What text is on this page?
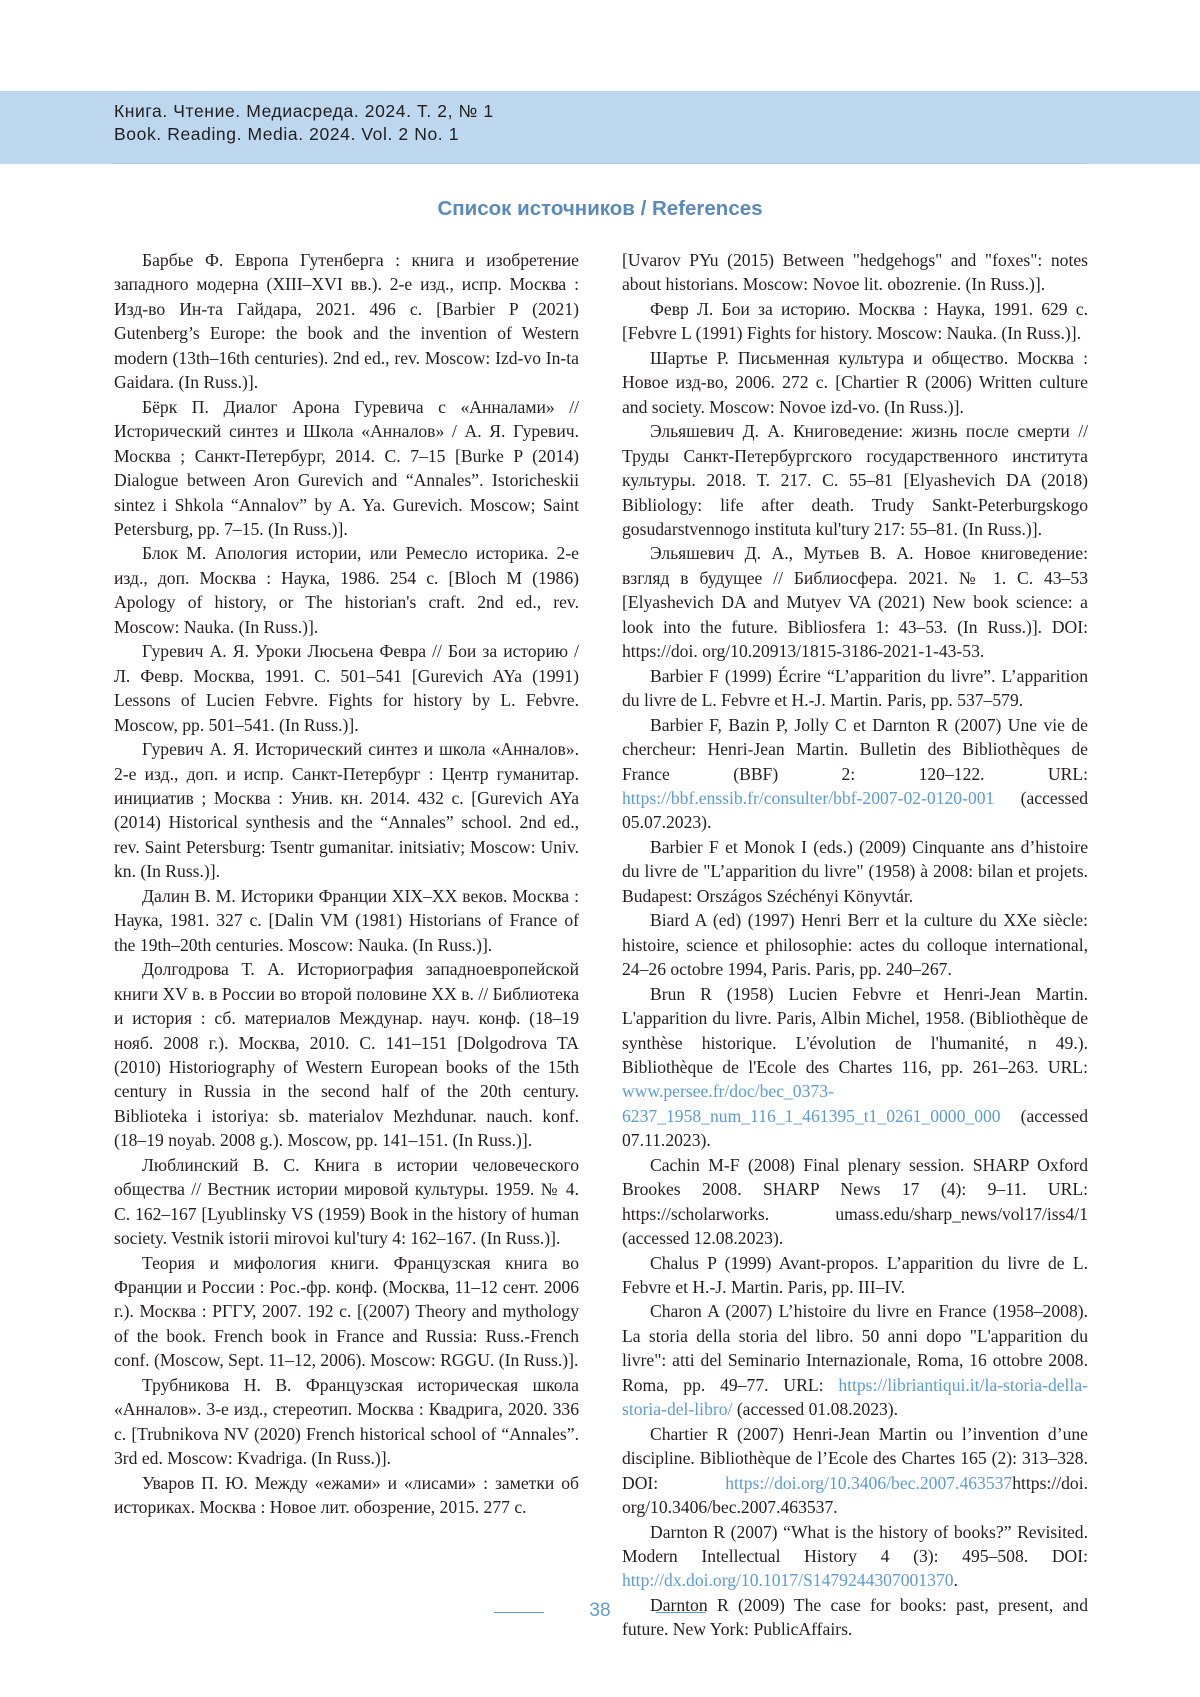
Книга. Чтение. Медиасреда. 2024. Т. 2, № 1
Book. Reading. Media. 2024. Vol. 2 No. 1
Список источников / References

Барбье Ф. Европа Гутенберга : книга и изобретение западного модерна (XIII–XVI вв.). 2-е изд., испр. Москва : Изд-во Ин-та Гайдара, 2021. 496 с. [Barbier P (2021) Gutenberg’s Europe: the book and the invention of Western modern (13th–16th centuries). 2nd ed., rev. Moscow: Izd-vo In-ta Gaidara. (In Russ.)].

Бёрк П. Диалог Арона Гуревича с «Анналами» // Исторический синтез и Школа «Анналов» / А. Я. Гуревич. Москва ; Санкт-Петербург, 2014. С. 7–15 [Burke P (2014) Dialogue between Aron Gurevich and “Annales”. Istoricheskii sintez i Shkola “Annalov” by A. Ya. Gurevich. Moscow; Saint Petersburg, pp. 7–15. (In Russ.)].

Блок М. Апология истории, или Ремесло историка. 2-е изд., доп. Москва : Наука, 1986. 254 с. [Bloch M (1986) Apology of history, or The historian's craft. 2nd ed., rev. Moscow: Nauka. (In Russ.)].

Гуревич А. Я. Уроки Люсьена Февра // Бои за историю / Л. Февр. Москва, 1991. С. 501–541 [Gurevich AYa (1991) Lessons of Lucien Febvre. Fights for history by L. Febvre. Moscow, pp. 501–541. (In Russ.)].

Гуревич А. Я. Исторический синтез и школа «Анналов». 2-е изд., доп. и испр. Санкт-Петербург : Центр гуманитар. инициатив ; Москва : Унив. кн. 2014. 432 с. [Gurevich AYa (2014) Historical synthesis and the “Annales” school. 2nd ed., rev. Saint Petersburg: Tsentr gumanitar. initsiativ; Moscow: Univ. kn. (In Russ.)].

Далин В. М. Историки Франции XIX–XX веков. Москва : Наука, 1981. 327 с. [Dalin VM (1981) Historians of France of the 19th–20th centuries. Moscow: Nauka. (In Russ.)].

Долгодрова Т. А. Историография западноевропейской книги XV в. в России во второй половине XX в. // Библиотека и история : сб. материалов Междунар. науч. конф. (18–19 нояб. 2008 г.). Москва, 2010. С. 141–151 [Dolgodrova TA (2010) Historiography of Western European books of the 15th century in Russia in the second half of the 20th century. Biblioteka i istoriya: sb. materialov Mezhdunar. nauch. konf. (18–19 noyab. 2008 g.). Moscow, pp. 141–151. (In Russ.)].

Люблинский В. С. Книга в истории человеческого общества // Вестник истории мировой культуры. 1959. № 4. С. 162–167 [Lyublinsky VS (1959) Book in the history of human society. Vestnik istorii mirovoi kul'tury 4: 162–167. (In Russ.)].

Теория и мифология книги. Французская книга во Франции и России : Рос.-фр. конф. (Москва, 11–12 сент. 2006 г.). Москва : РГГУ, 2007. 192 с. [(2007) Theory and mythology of the book. French book in France and Russia: Russ.-French conf. (Moscow, Sept. 11–12, 2006). Moscow: RGGU. (In Russ.)].

Трубникова Н. В. Французская историческая школа «Анналов». 3-е изд., стереотип. Москва : Квадрига, 2020. 336 с. [Trubnikova NV (2020) French historical school of “Annales”. 3rd ed. Moscow: Kvadriga. (In Russ.)].

Уваров П. Ю. Между «ежами» и «лисами» : заметки об историках. Москва : Новое лит. обозрение, 2015. 277 с.

[Uvarov PYu (2015) Between "hedgehogs" and "foxes": notes about historians. Moscow: Novoe lit. obozrenie. (In Russ.)].

Февр Л. Бои за историю. Москва : Наука, 1991. 629 с. [Febvre L (1991) Fights for history. Moscow: Nauka. (In Russ.)].

Шартье Р. Письменная культура и общество. Москва : Новое изд-во, 2006. 272 с. [Chartier R (2006) Written culture and society. Moscow: Novoe izd-vo. (In Russ.)].

Эльяшевич Д. А. Книговедение: жизнь после смерти // Труды Санкт-Петербургского государственного института культуры. 2018. Т. 217. С. 55–81 [Elyashevich DA (2018) Bibliology: life after death. Trudy Sankt-Peterburgskogo gosudarstvennogo instituta kul'tury 217: 55–81. (In Russ.)].

Эльяшевич Д. А., Мутьев В. А. Новое книговедение: взгляд в будущее // Библиосфера. 2021. № 1. С. 43–53 [Elyashevich DA and Mutyev VA (2021) New book science: a look into the future. Bibliosfera 1: 43–53. (In Russ.)]. DOI: https://doi. org/10.20913/1815-3186-2021-1-43-53.

Barbier F (1999) Écrire “L’apparition du livre”. L’apparition du livre de L. Febvre et H.-J. Martin. Paris, pp. 537–579.

Barbier F, Bazin P, Jolly C et Darnton R (2007) Une vie de chercheur: Henri-Jean Martin. Bulletin des Bibliothèques de France (BBF) 2: 120–122. URL: https://bbf.enssib.fr/consulter/bbf-2007-02-0120-001 (accessed 05.07.2023).

Barbier F et Monok I (eds.) (2009) Cinquante ans d’histoire du livre de "L’apparition du livre" (1958) à 2008: bilan et projets. Budapest: Országos Széchényi Könyvtár.

Biard A (ed) (1997) Henri Berr et la culture du XXe siècle: histoire, science et philosophie: actes du colloque international, 24–26 octobre 1994, Paris. Paris, pp. 240–267.

Brun R (1958) Lucien Febvre et Henri-Jean Martin. L'apparition du livre. Paris, Albin Michel, 1958. (Bibliothèque de synthèse historique. L'évolution de l'humanité, n 49.). Bibliothèque de l'Ecole des Chartes 116, pp. 261–263. URL: www.persee.fr/doc/bec_0373-6237_1958_num_116_1_461395_t1_0261_0000_000 (accessed 07.11.2023).

Cachin M-F (2008) Final plenary session. SHARP Oxford Brookes 2008. SHARP News 17 (4): 9–11. URL: https://scholarworks. umass.edu/sharp_news/vol17/iss4/1 (accessed 12.08.2023).

Chalus P (1999) Avant-propos. L’apparition du livre de L. Febvre et H.-J. Martin. Paris, pp. III–IV.

Charon A (2007) L’histoire du livre en France (1958–2008). La storia della storia del libro. 50 anni dopo "L'apparition du livre": atti del Seminario Internazionale, Roma, 16 ottobre 2008. Roma, pp. 49–77. URL: https://libriantiqui.it/la-storia-della-storia-del-libro/ (accessed 01.08.2023).

Chartier R (2007) Henri-Jean Martin ou l’invention d’une discipline. Bibliothèque de l’Ecole des Chartes 165 (2): 313–328. DOI: https://doi.org/10.3406/bec.2007.463537https://doi. org/10.3406/bec.2007.463537.

Darnton R (2007) “What is the history of books?” Revisited. Modern Intellectual History 4 (3): 495–508. DOI: http://dx.doi.org/10.1017/S1479244307001370.

Darnton R (2009) The case for books: past, present, and future. New York: PublicAffairs.

38
